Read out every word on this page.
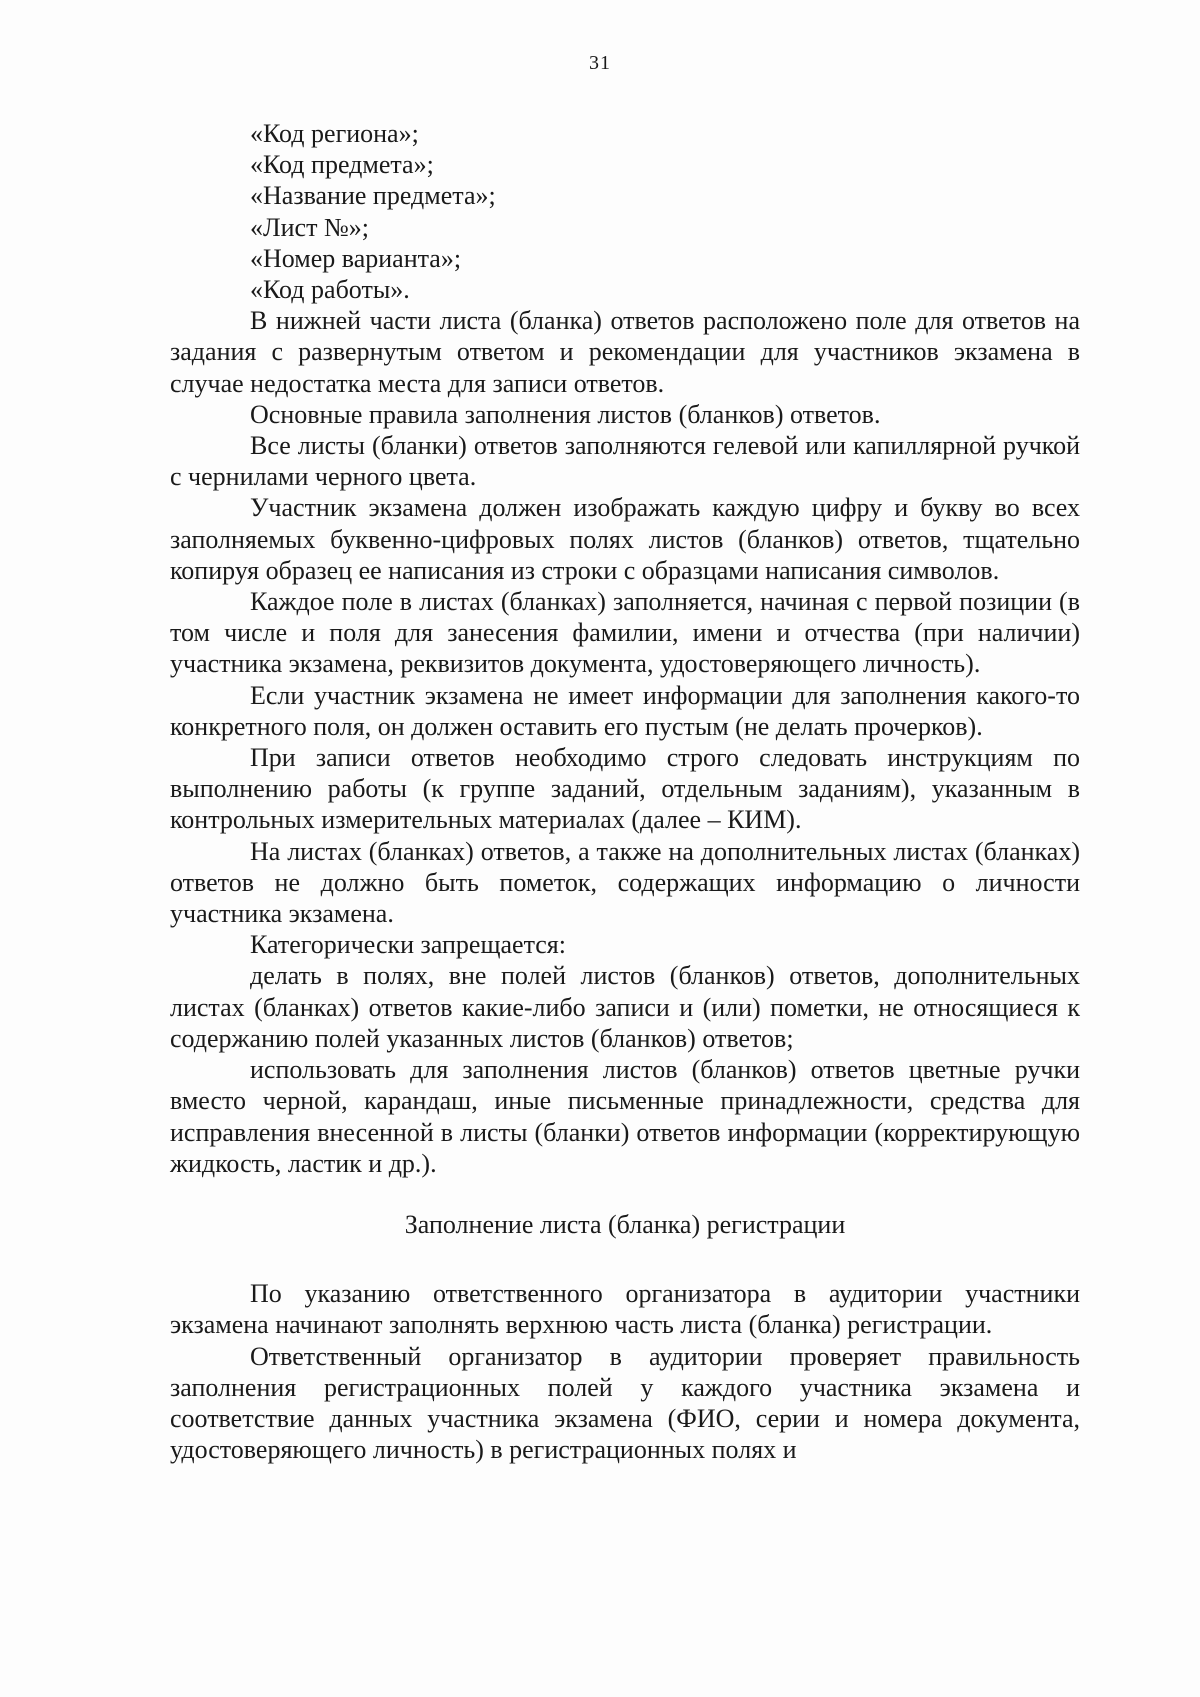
31

«Код региона»;

«Код предмета»;

«Название предмета»;

«Лист №»;

«Номер варианта»;

«Код работы».

В нижней части листа (бланка) ответов расположено поле для ответов на задания с развернутым ответом и рекомендации для участников экзамена в случае недостатка места для записи ответов.

Основные правила заполнения листов (бланков) ответов.

Все листы (бланки) ответов заполняются гелевой или капиллярной ручкой с чернилами черного цвета.

Участник экзамена должен изображать каждую цифру и букву во всех заполняемых буквенно-цифровых полях листов (бланков) ответов, тщательно копируя образец ее написания из строки с образцами написания символов.

Каждое поле в листах (бланках) заполняется, начиная с первой позиции (в том числе и поля для занесения фамилии, имени и отчества (при наличии) участника экзамена, реквизитов документа, удостоверяющего личность).

Если участник экзамена не имеет информации для заполнения какого-то конкретного поля, он должен оставить его пустым (не делать прочерков).

При записи ответов необходимо строго следовать инструкциям по выполнению работы (к группе заданий, отдельным заданиям), указанным в контрольных измерительных материалах (далее – КИМ).

На листах (бланках) ответов, а также на дополнительных листах (бланках) ответов не должно быть пометок, содержащих информацию о личности участника экзамена.

Категорически запрещается:

делать в полях, вне полей листов (бланков) ответов, дополнительных листах (бланках) ответов какие-либо записи и (или) пометки, не относящиеся к содержанию полей указанных листов (бланков) ответов;

использовать для заполнения листов (бланков) ответов цветные ручки вместо черной, карандаш, иные письменные принадлежности, средства для исправления внесенной в листы (бланки) ответов информации (корректирующую жидкость, ластик и др.).

Заполнение листа (бланка) регистрации

По указанию ответственного организатора в аудитории участники экзамена начинают заполнять верхнюю часть листа (бланка) регистрации.

Ответственный организатор в аудитории проверяет правильность заполнения регистрационных полей у каждого участника экзамена и соответствие данных участника экзамена (ФИО, серии и номера документа, удостоверяющего личность) в регистрационных полях и
